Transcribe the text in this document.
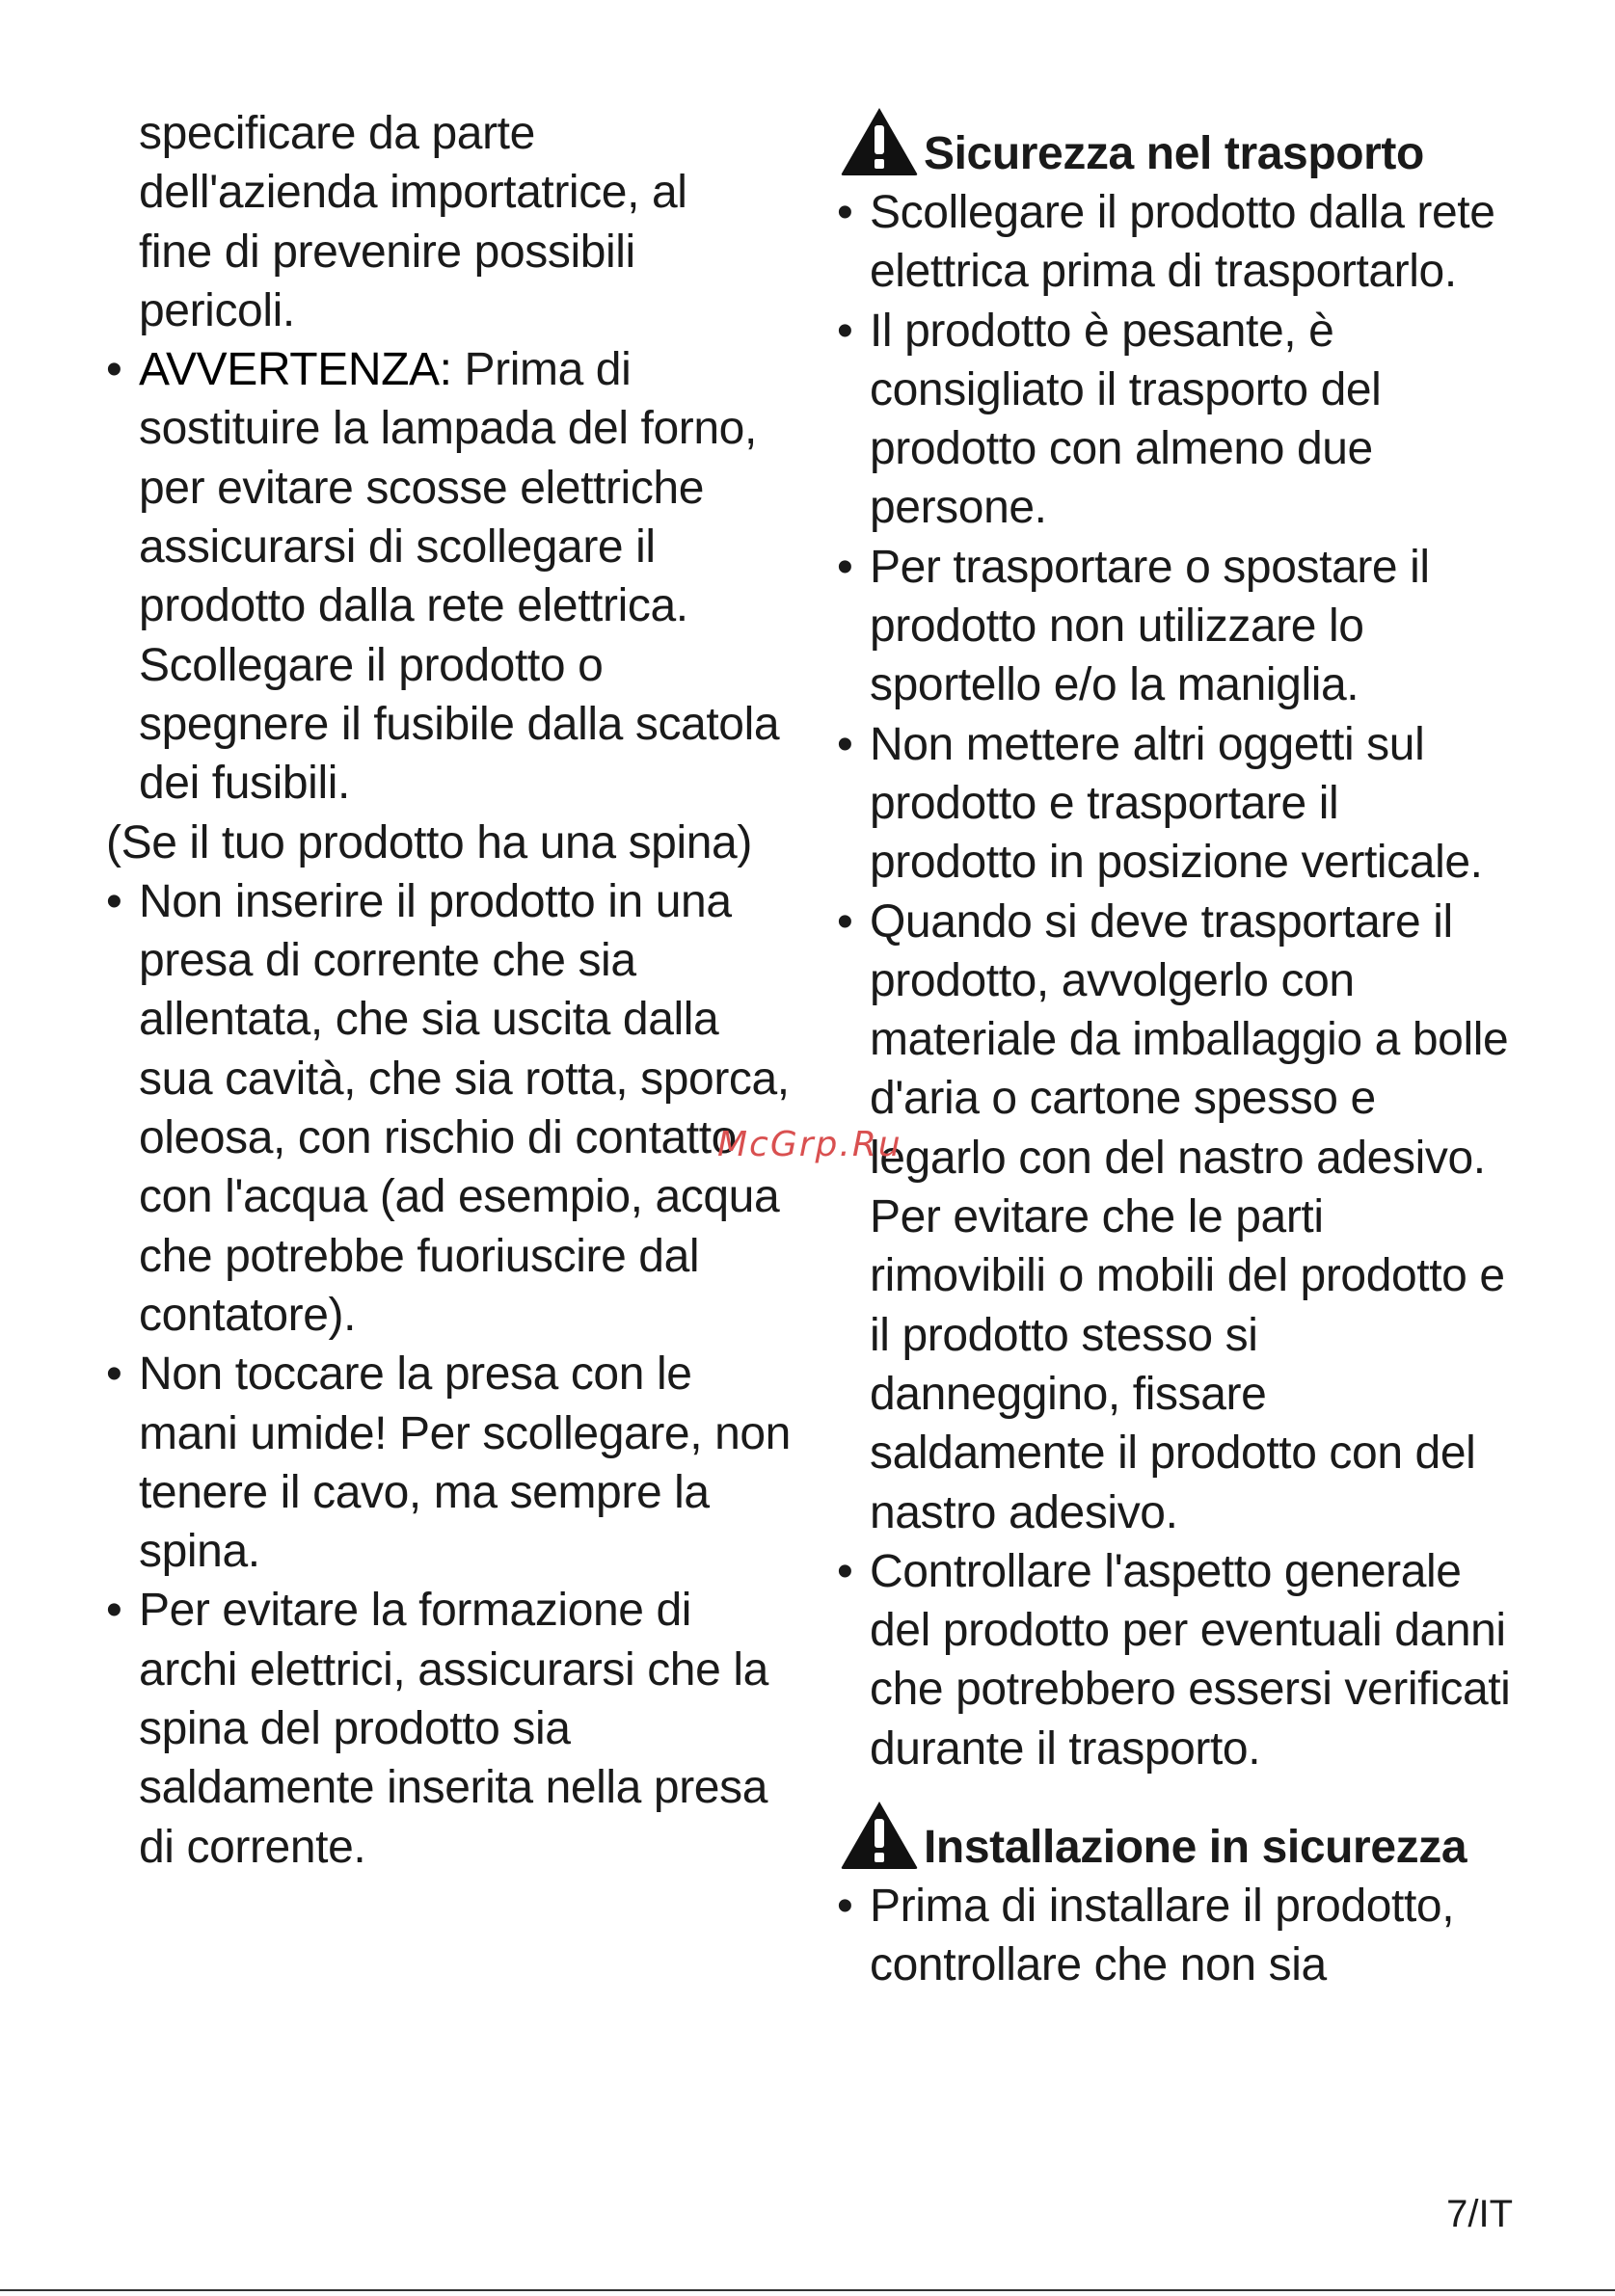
specificare da parte
dell'azienda importatrice, al
fine di prevenire possibili
pericoli.
• AVVERTENZA: Prima di sostituire la lampada del forno, per evitare scosse elettriche assicurarsi di scollegare il prodotto dalla rete elettrica. Scollegare il prodotto o spegnere il fusibile dalla scatola dei fusibili.

(Se il tuo prodotto ha una spina)

• Non inserire il prodotto in una presa di corrente che sia allentata, che sia uscita dalla sua cavità, che sia rotta, sporca, oleosa, con rischio di contatto con l'acqua (ad esempio, acqua che potrebbe fuoriuscire dal contatore).
• Non toccare la presa con le mani umide! Per scollegare, non tenere il cavo, ma sempre la spina.
• Per evitare la formazione di archi elettrici, assicurarsi che la spina del prodotto sia saldamente inserita nella presa di corrente.
Sicurezza nel trasporto
• Scollegare il prodotto dalla rete elettrica prima di trasportarlo.
• Il prodotto è pesante, è consigliato il trasporto del prodotto con almeno due persone.
• Per trasportare o spostare il prodotto non utilizzare lo sportello e/o la maniglia.
• Non mettere altri oggetti sul prodotto e trasportare il prodotto in posizione verticale.
• Quando si deve trasportare il prodotto, avvolgerlo con materiale da imballaggio a bolle d'aria o cartone spesso e legarlo con del nastro adesivo. Per evitare che le parti rimovibili o mobili del prodotto e il prodotto stesso si danneggino, fissare saldamente il prodotto con del nastro adesivo.
• Controllare l'aspetto generale del prodotto per eventuali danni che potrebbero essersi verificati durante il trasporto.
Installazione in sicurezza
• Prima di installare il prodotto, controllare che non sia
McGrp.Ru
7/IT
